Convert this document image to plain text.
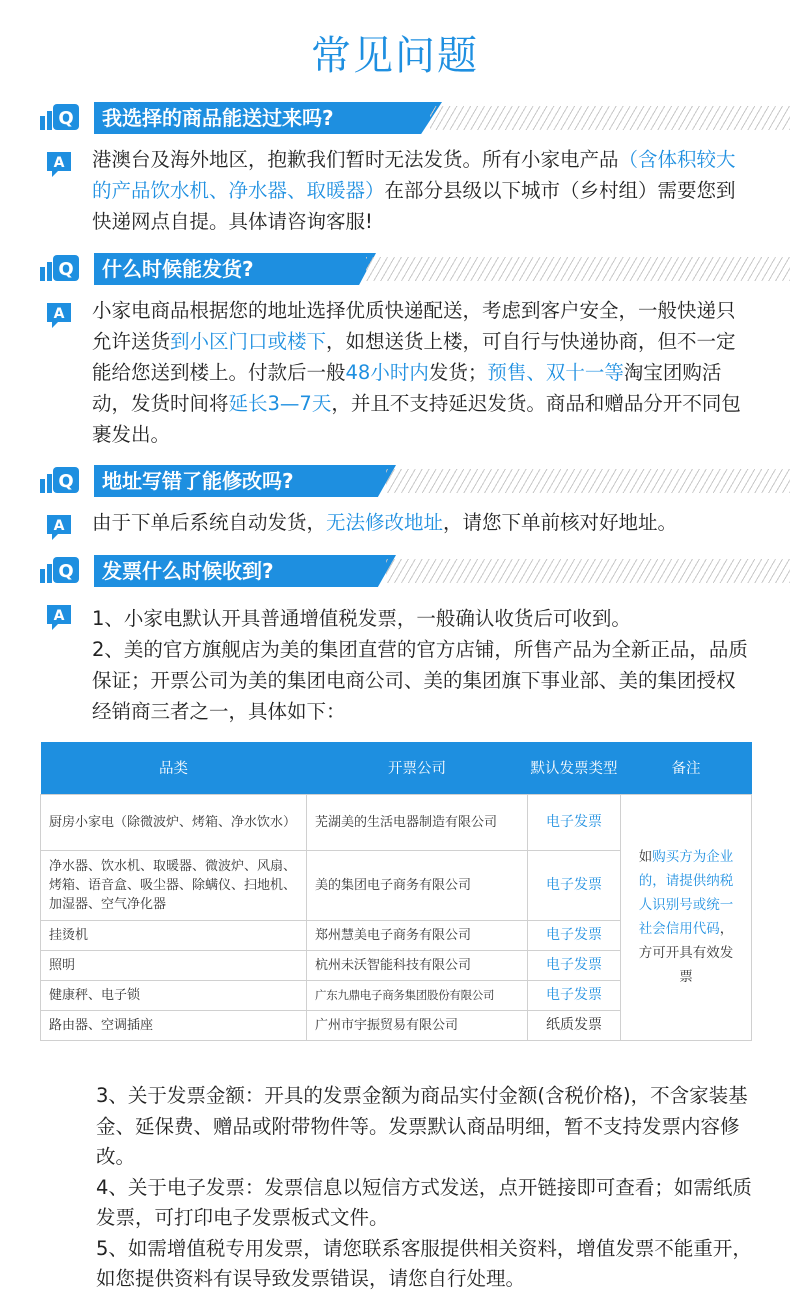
常见问题
Q 我选择的商品能送过来吗?
A 港澳台及海外地区，抱歉我们暂时无法发货。所有小家电产品（含体积较大的产品饮水机、净水器、取暖器）在部分县级以下城市（乡村组）需要您到快递网点自提。具体请咨询客服!
Q 什么时候能发货?
A 小家电商品根据您的地址选择优质快递配送，考虑到客户安全，一般快递只允许送货到小区门口或楼下，如想送货上楼，可自行与快递协商，但不一定能给您送到楼上。付款后一般48小时内发货；预售、双十一等淘宝团购活动，发货时间将延长3—7天，并且不支持延迟发货。商品和赠品分开不同包裹发出。
Q 地址写错了能修改吗?
A 由于下单后系统自动发货，无法修改地址，请您下单前核对好地址。
Q 发票什么时候收到?
A 1、小家电默认开具普通增值税发票，一般确认收货后可收到。
2、美的官方旗舰店为美的集团直营的官方店铺，所售产品为全新正品，品质保证；开票公司为美的集团电商公司、美的集团旗下事业部、美的集团授权经销商三者之一，具体如下：
品类	开票公司	默认发票类型	备注
厨房小家电（除微波炉、烤箱、净水饮水）	芜湖美的生活电器制造有限公司	电子发票	如购买方为企业的，请提供纳税人识别号或统一社会信用代码，方可开具有效发票
净水器、饮水机、取暖器、微波炉、风扇、烤箱、语音盒、吸尘器、除螨仪、扫地机、加湿器、空气净化器	美的集团电子商务有限公司	电子发票	
挂烫机	郑州慧美电子商务有限公司	电子发票	
照明	杭州未沃智能科技有限公司	电子发票	
健康秤、电子锁	广东九鼎电子商务集团股份有限公司	电子发票	
路由器、空调插座	广州市宇振贸易有限公司	纸质发票	
3、关于发票金额：开具的发票金额为商品实付金额(含税价格)，不含家装基金、延保费、赠品或附带物件等。发票默认商品明细，暂不支持发票内容修改。
4、关于电子发票：发票信息以短信方式发送，点开链接即可查看；如需纸质发票，可打印电子发票板式文件。
5、如需增值税专用发票，请您联系客服提供相关资料，增值发票不能重开，如您提供资料有误导致发票错误，请您自行处理。
